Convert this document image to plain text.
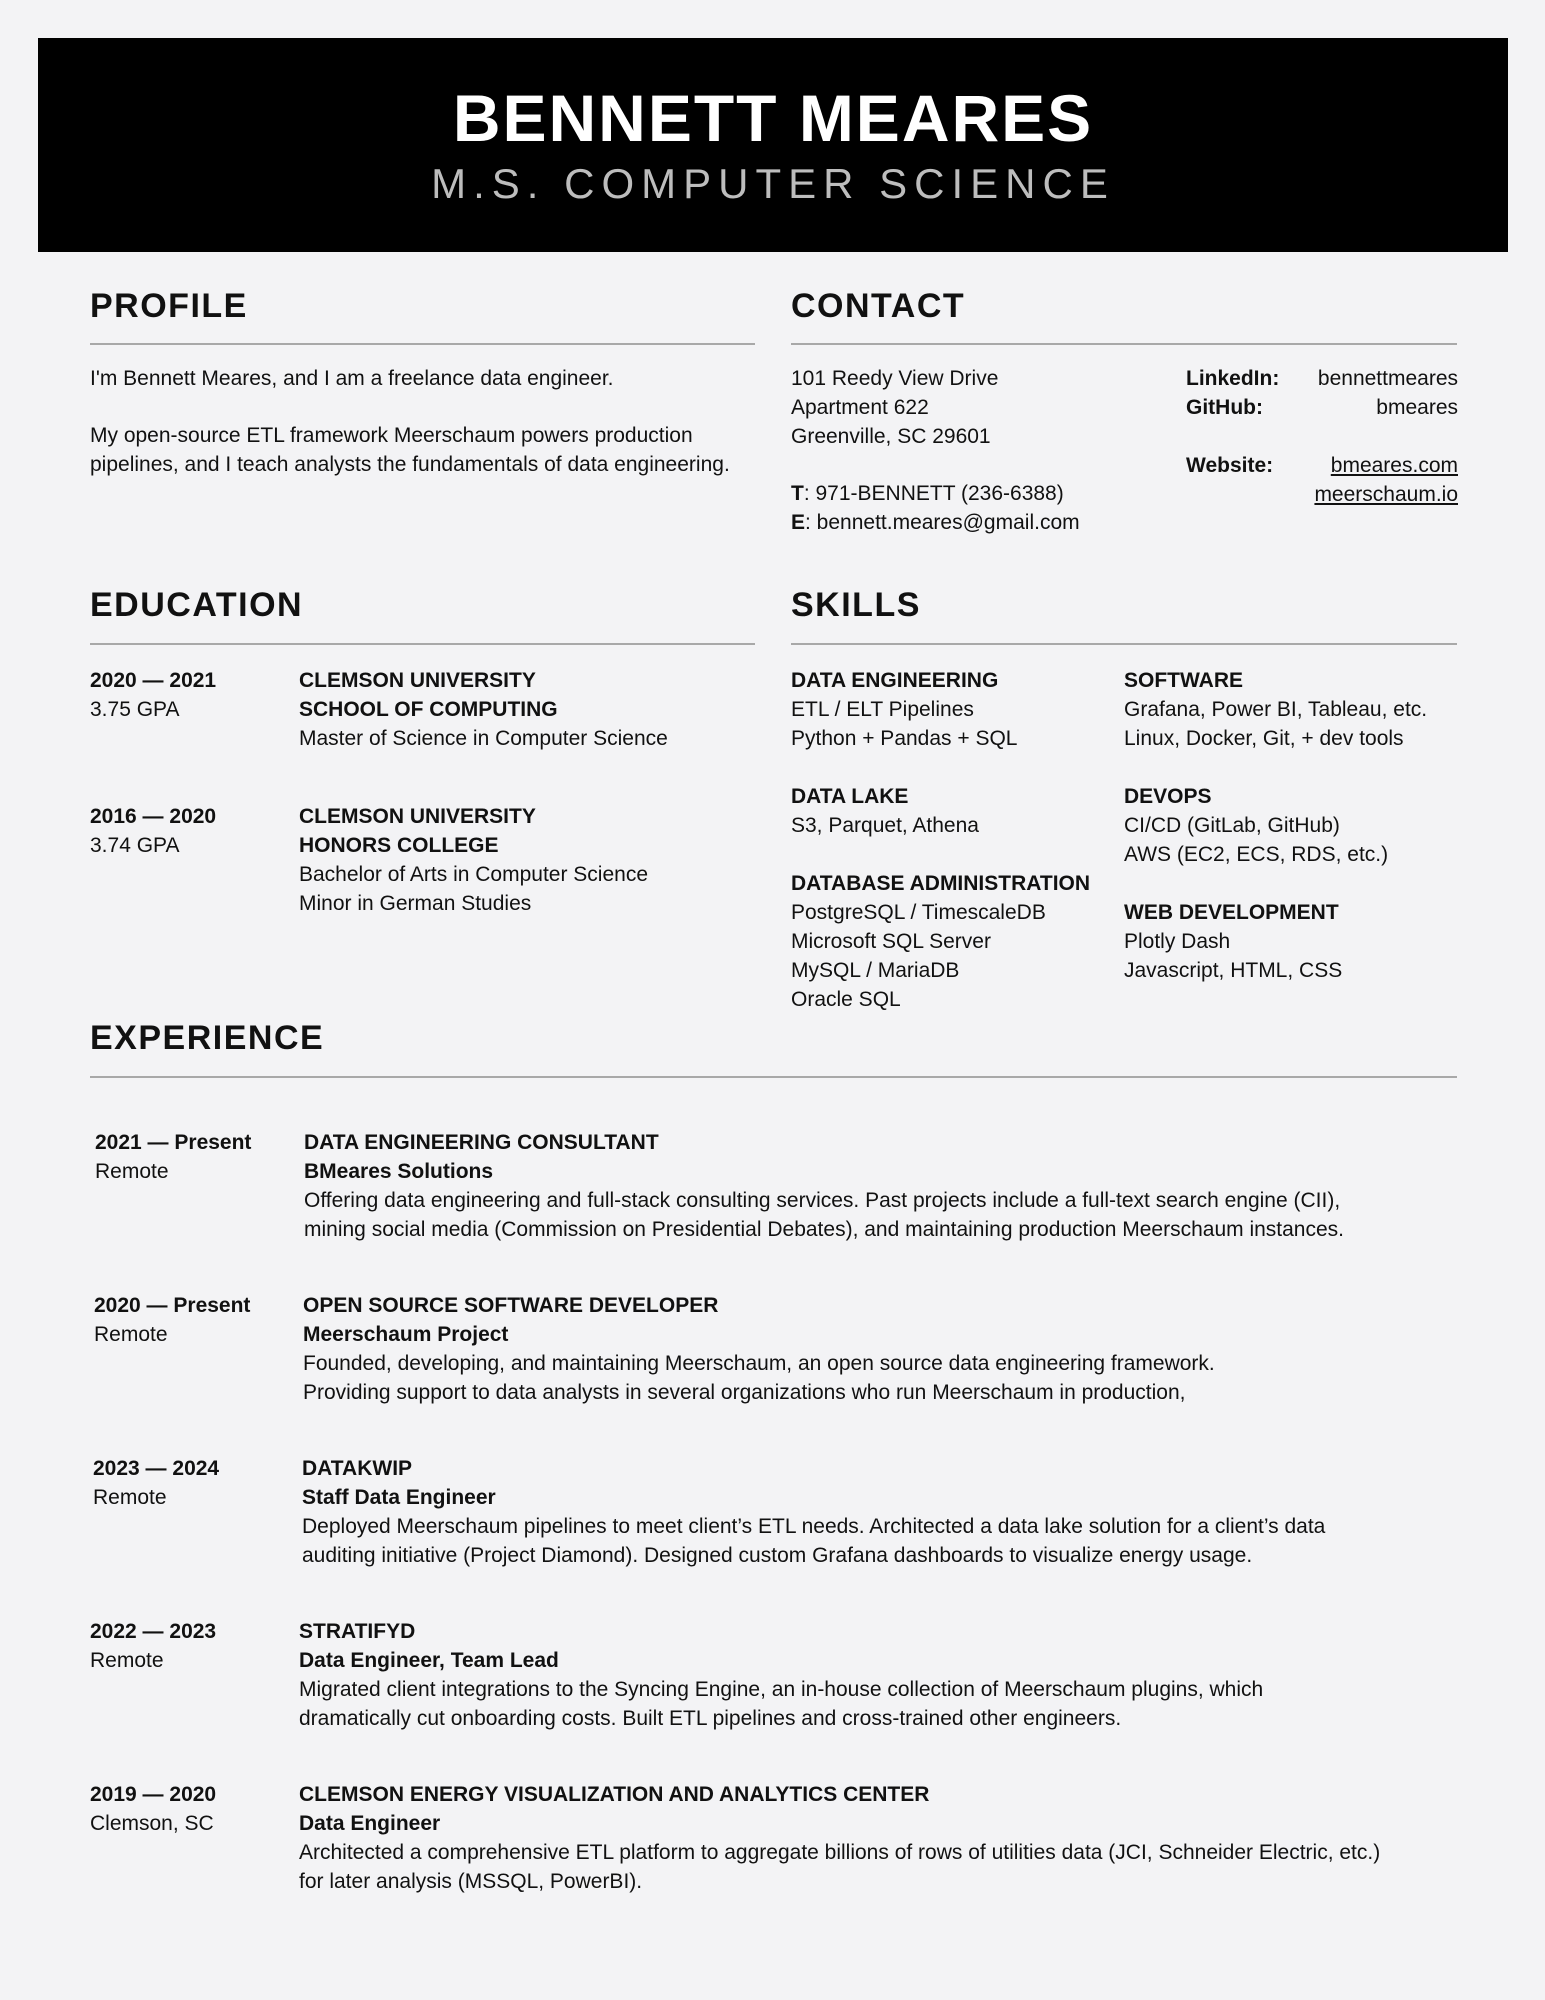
BENNETT MEARES
M.S. COMPUTER SCIENCE
PROFILE

I'm Bennett Meares, and I am a freelance data engineer.

My open-source ETL framework Meerschaum powers production pipelines, and I teach analysts the fundamentals of data engineering.

CONTACT
101 Reedy View Drive
Apartment 622
Greenville, SC 29601
T: 971-BENNETT (236-6388)
E: bennett.meares@gmail.com
LinkedIn: bennettmeares
GitHub:	bmeares
Website:	bmeares.com
meerschaum.io
EDUCATION
2020 — 2021
3.75 GPA
CLEMSON UNIVERSITY
SCHOOL OF COMPUTING
Master of Science in Computer Science
2016 — 2020
3.74 GPA
CLEMSON UNIVERSITY
HONORS COLLEGE
Bachelor of Arts in Computer Science
Minor in German Studies
SKILLS
DATA ENGINEERING
ETL / ELT Pipelines
Python + Pandas + SQL
DATA LAKE
S3, Parquet, Athena
DATABASE ADMINISTRATION
PostgreSQL / TimescaleDB
Microsoft SQL Server
MySQL / MariaDB
Oracle SQL
SOFTWARE
Grafana, Power BI, Tableau, etc.
Linux, Docker, Git, + dev tools
DEVOPS
CI/CD (GitLab, GitHub)
AWS (EC2, ECS, RDS, etc.)
WEB DEVELOPMENT
Plotly Dash
Javascript, HTML, CSS
EXPERIENCE
2021 — Present
Remote
DATA ENGINEERING CONSULTANT
BMeares Solutions
Offering data engineering and full-stack consulting services. Past projects include a full-text search engine (CII),
mining social media (Commission on Presidential Debates), and maintaining production Meerschaum instances.
2020 — Present
Remote
OPEN SOURCE SOFTWARE DEVELOPER
Meerschaum Project
Founded, developing, and maintaining Meerschaum, an open source data engineering framework.
Providing support to data analysts in several organizations who run Meerschaum in production,
2023 — 2024
Remote
DATAKWIP
Staff Data Engineer
Deployed Meerschaum pipelines to meet client’s ETL needs. Architected a data lake solution for a client’s data
auditing initiative (Project Diamond). Designed custom Grafana dashboards to visualize energy usage.
2022 — 2023
Remote
STRATIFYD
Data Engineer, Team Lead
Migrated client integrations to the Syncing Engine, an in-house collection of Meerschaum plugins, which
dramatically cut onboarding costs. Built ETL pipelines and cross-trained other engineers.
2019 — 2020
Clemson, SC
CLEMSON ENERGY VISUALIZATION AND ANALYTICS CENTER
Data Engineer
Architected a comprehensive ETL platform to aggregate billions of rows of utilities data (JCI, Schneider Electric, etc.)
for later analysis (MSSQL, PowerBI).
